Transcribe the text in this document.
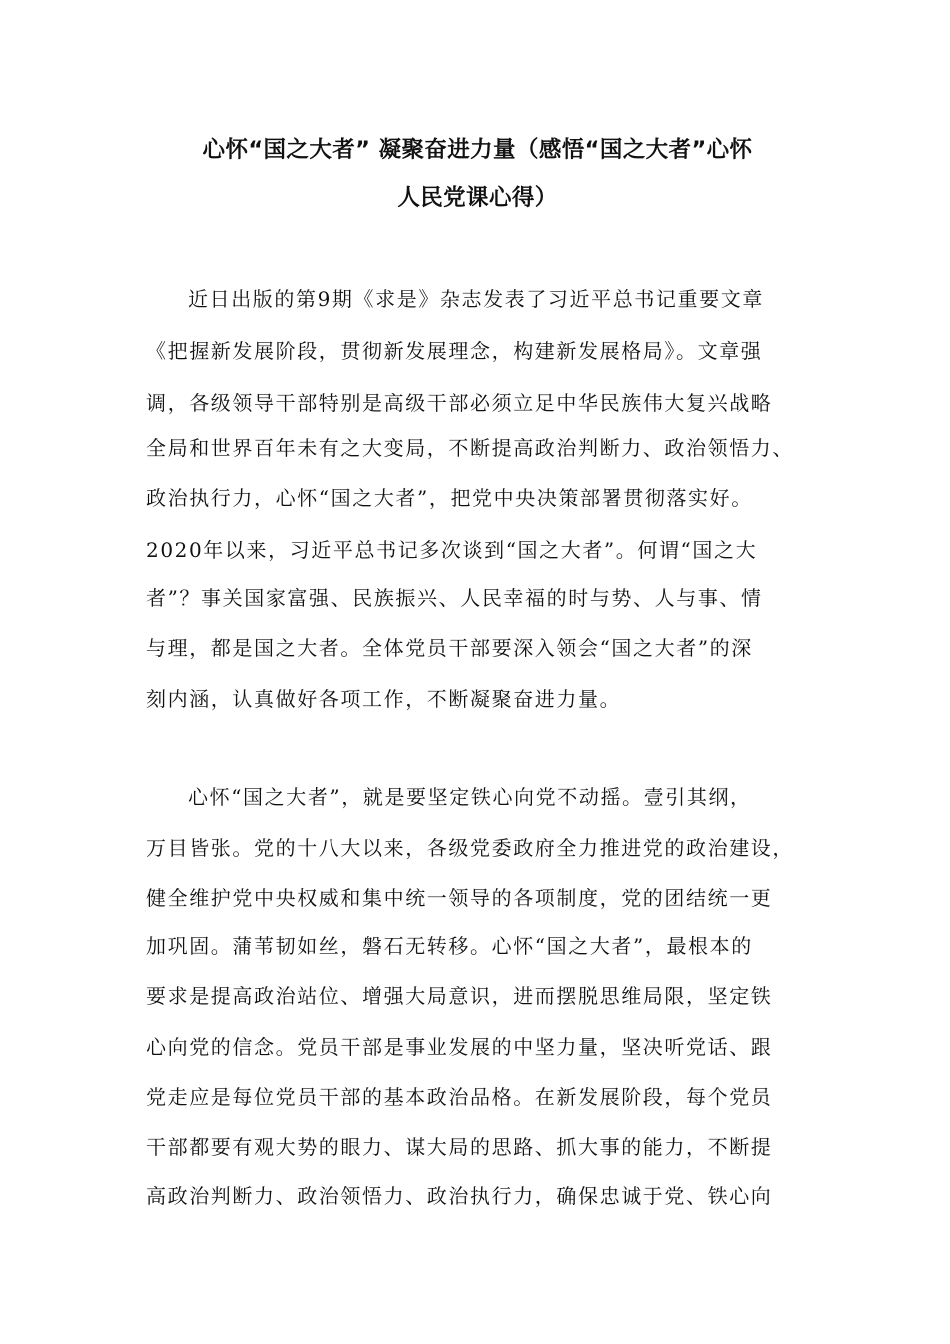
心怀“国之大者” 凝聚奋进力量（感悟“国之大者”心怀
人民党课心得）
近日出版的第9期《求是》杂志发表了习近平总书记重要文章
《把握新发展阶段，贯彻新发展理念，构建新发展格局》。文章强
调，各级领导干部特别是高级干部必须立足中华民族伟大复兴战略
全局和世界百年未有之大变局，不断提高政治判断力、政治领悟力、
政治执行力，心怀“国之大者”，把党中央决策部署贯彻落实好。
2020年以来，习近平总书记多次谈到“国之大者”。何谓“国之大
者”？事关国家富强、民族振兴、人民幸福的时与势、人与事、情
与理，都是国之大者。全体党员干部要深入领会“国之大者”的深
刻内涵，认真做好各项工作，不断凝聚奋进力量。
心怀“国之大者”，就是要坚定铁心向党不动摇。壹引其纲，
万目皆张。党的十八大以来，各级党委政府全力推进党的政治建设，
健全维护党中央权威和集中统一领导的各项制度，党的团结统一更
加巩固。蒲苇韧如丝，磐石无转移。心怀“国之大者”，最根本的
要求是提高政治站位、增强大局意识，进而摆脱思维局限，坚定铁
心向党的信念。党员干部是事业发展的中坚力量，坚决听党话、跟
党走应是每位党员干部的基本政治品格。在新发展阶段，每个党员
干部都要有观大势的眼力、谋大局的思路、抓大事的能力，不断提
高政治判断力、政治领悟力、政治执行力，确保忠诚于党、铁心向
